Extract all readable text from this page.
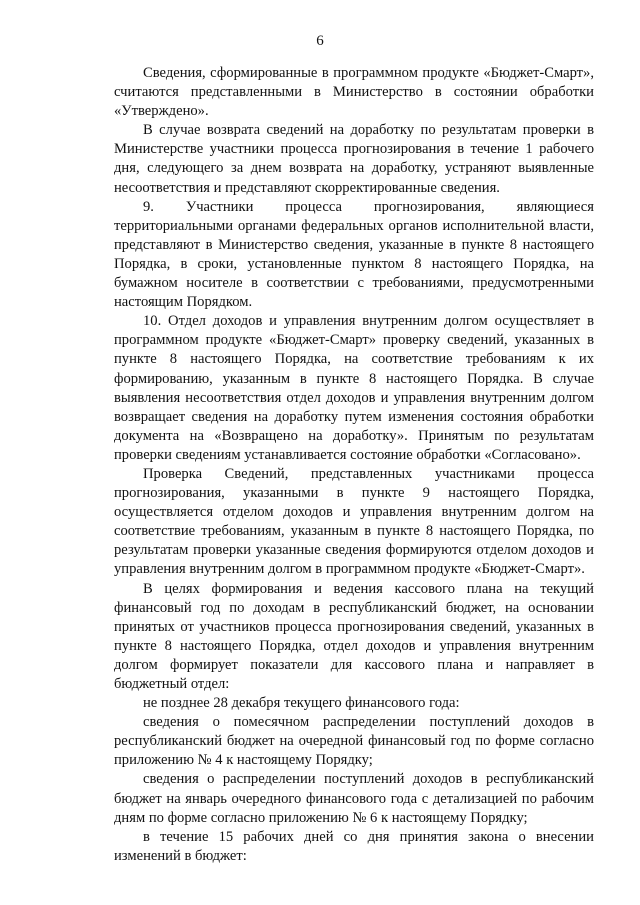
6

Сведения, сформированные в программном продукте «Бюджет-Смарт», считаются представленными в Министерство в состоянии обработки «Утверждено».

В случае возврата сведений на доработку по результатам проверки в Министерстве участники процесса прогнозирования в течение 1 рабочего дня, следующего за днем возврата на доработку, устраняют выявленные несоответствия и представляют скорректированные сведения.

9. Участники процесса прогнозирования, являющиеся территориальными органами федеральных органов исполнительной власти, представляют в Министерство сведения, указанные в пункте 8 настоящего Порядка, в сроки, установленные пунктом 8 настоящего Порядка, на бумажном носителе в соответствии с требованиями, предусмотренными настоящим Порядком.

10. Отдел доходов и управления внутренним долгом осуществляет в программном продукте «Бюджет-Смарт» проверку сведений, указанных в пункте 8 настоящего Порядка, на соответствие требованиям к их формированию, указанным в пункте 8 настоящего Порядка. В случае выявления несоответствия отдел доходов и управления внутренним долгом возвращает сведения на доработку путем изменения состояния обработки документа на «Возвращено на доработку». Принятым по результатам проверки сведениям устанавливается состояние обработки «Согласовано».

Проверка Сведений, представленных участниками процесса прогнозирования, указанными в пункте 9 настоящего Порядка, осуществляется отделом доходов и управления внутренним долгом на соответствие требованиям, указанным в пункте 8 настоящего Порядка, по результатам проверки указанные сведения формируются отделом доходов и управления внутренним долгом в программном продукте «Бюджет-Смарт».

В целях формирования и ведения кассового плана на текущий финансовый год по доходам в республиканский бюджет, на основании принятых от участников процесса прогнозирования сведений, указанных в пункте 8 настоящего Порядка, отдел доходов и управления внутренним долгом формирует показатели для кассового плана и направляет в бюджетный отдел:

не позднее 28 декабря текущего финансового года:

сведения о помесячном распределении поступлений доходов в республиканский бюджет на очередной финансовый год по форме согласно приложению № 4 к настоящему Порядку;

сведения о распределении поступлений доходов в республиканский бюджет на январь очередного финансового года с детализацией по рабочим дням по форме согласно приложению № 6 к настоящему Порядку;

в течение 15 рабочих дней со дня принятия закона о внесении изменений в бюджет:
